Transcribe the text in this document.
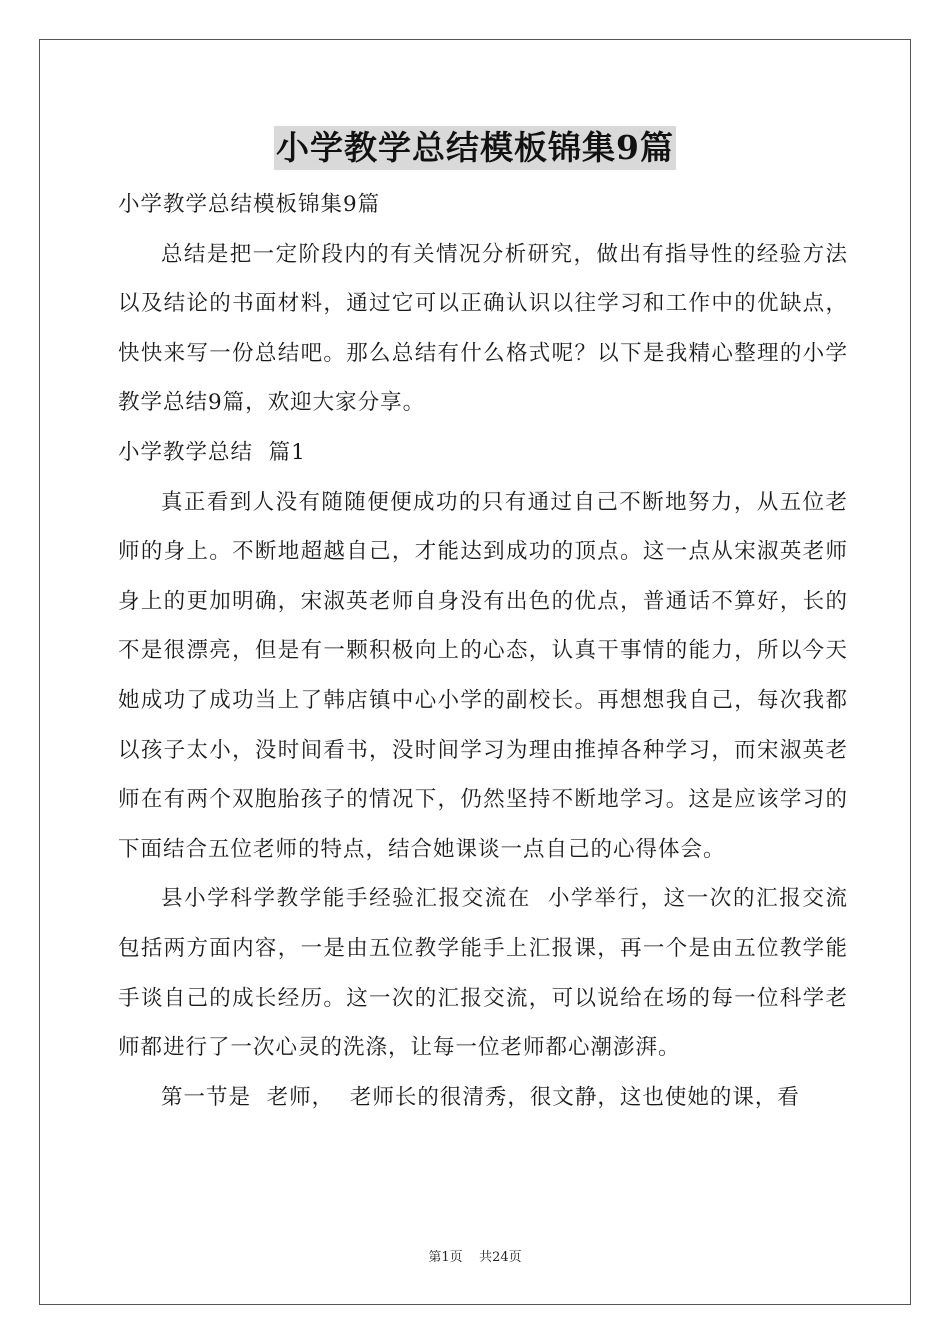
小学教学总结模板锦集9篇

小学教学总结模板锦集9篇

总结是把一定阶段内的有关情况分析研究，做出有指导性的经验方法以及结论的书面材料，通过它可以正确认识以往学习和工作中的优缺点，快快来写一份总结吧。那么总结有什么格式呢？以下是我精心整理的小学教学总结9篇，欢迎大家分享。

小学教学总结  篇1

真正看到人没有随随便便成功的只有通过自己不断地努力，从五位老师的身上。不断地超越自己，才能达到成功的顶点。这一点从宋淑英老师身上的更加明确，宋淑英老师自身没有出色的优点，普通话不算好，长的不是很漂亮，但是有一颗积极向上的心态，认真干事情的能力，所以今天她成功了成功当上了韩店镇中心小学的副校长。再想想我自己，每次我都以孩子太小，没时间看书，没时间学习为理由推掉各种学习，而宋淑英老师在有两个双胞胎孩子的情况下，仍然坚持不断地学习。这是应该学习的下面结合五位老师的特点，结合她课谈一点自己的心得体会。

县小学科学教学能手经验汇报交流在  小学举行，这一次的汇报交流包括两方面内容，一是由五位教学能手上汇报课，再一个是由五位教学能手谈自己的成长经历。这一次的汇报交流，可以说给在场的每一位科学老师都进行了一次心灵的洗涤，让每一位老师都心潮澎湃。

第一节是  老师，  老师长的很清秀，很文静，这也使她的课，看

第1页    共24页
